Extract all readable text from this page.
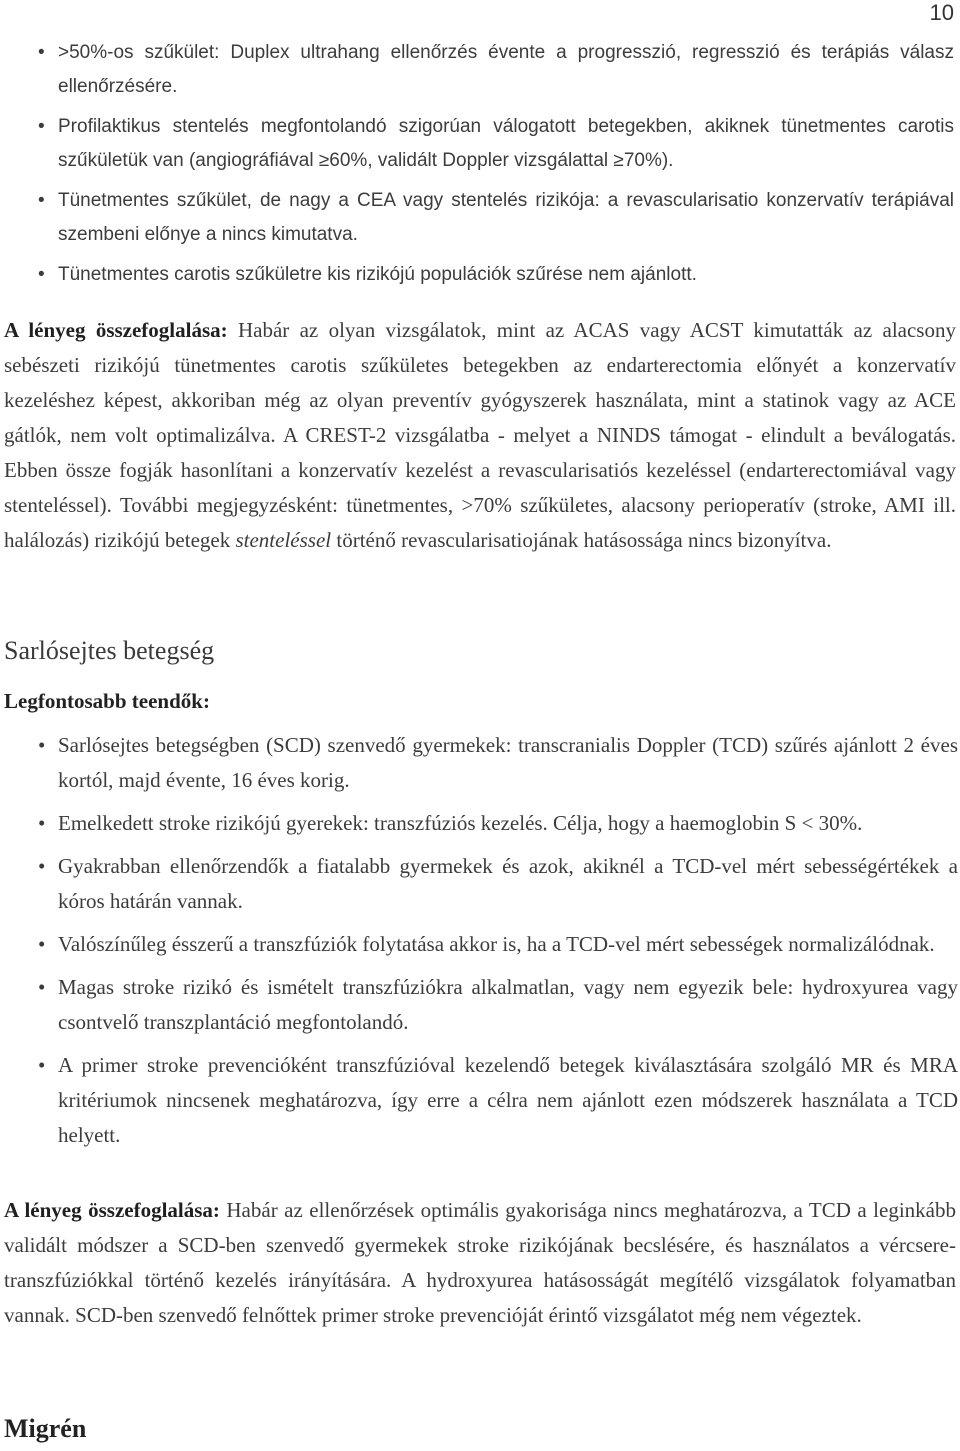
10
• >50%-os szűkület: Duplex ultrahang ellenőrzés évente a progresszió, regresszió és terápiás válasz ellenőrzésére.
• Profilaktikus stentelés megfontolandó szigorúan válogatott betegekben, akiknek tünetmentes carotis szűkületük van (angiográfiával ≥60%, validált Doppler vizsgálattal ≥70%).
• Tünetmentes szűkület, de nagy a CEA vagy stentelés rizikója: a revascularisatio konzervatív terápiával szembeni előnye a nincs kimutatva.
• Tünetmentes carotis szűkületre kis rizikójú populációk szűrése nem ajánlott.

A lényeg összefoglalása: Habár az olyan vizsgálatok, mint az ACAS vagy ACST kimutatták az alacsony sebészeti rizikójú tünetmentes carotis szűkületes betegekben az endarterectomia előnyét a konzervatív kezeléshez képest, akkoriban még az olyan preventív gyógyszerek használata, mint a statinok vagy az ACE gátlók, nem volt optimalizálva. A CREST-2 vizsgálatba - melyet a NINDS támogat - elindult a beválogatás. Ebben össze fogják hasonlítani a konzervatív kezelést a revascularisatiós kezeléssel (endarterectomiával vagy stenteléssel). További megjegyzésként: tünetmentes, >70% szűkületes, alacsony perioperatív (stroke, AMI ill. halálozás) rizikójú betegek stenteléssel történő revascularisatiojának hatásossága nincs bizonyítva.

Sarlósejtes betegség
Legfontosabb teendők:
• Sarlósejtes betegségben (SCD) szenvedő gyermekek: transcranialis Doppler (TCD) szűrés ajánlott 2 éves kortól, majd évente, 16 éves korig.
• Emelkedett stroke rizikójú gyerekek: transzfúziós kezelés. Célja, hogy a haemoglobin S < 30%.
• Gyakrabban ellenőrzendők a fiatalabb gyermekek és azok, akiknél a TCD-vel mért sebességértékek a kóros határán vannak.
• Valószínűleg ésszerű a transzfúziók folytatása akkor is, ha a TCD-vel mért sebességek normalizálódnak.
• Magas stroke rizikó és ismételt transzfúziókra alkalmatlan, vagy nem egyezik bele: hydroxyurea vagy csontvelő transzplantáció megfontolandó.
• A primer stroke prevencióként transzfúzióval kezelendő betegek kiválasztására szolgáló MR és MRA kritériumok nincsenek meghatározva, így erre a célra nem ajánlott ezen módszerek használata a TCD helyett.

A lényeg összefoglalása: Habár az ellenőrzések optimális gyakorisága nincs meghatározva, a TCD a leginkább validált módszer a SCD-ben szenvedő gyermekek stroke rizikójának becslésére, és használatos a vércsere-transzfúziókkal történő kezelés irányítására. A hydroxyurea hatásosságát megítélő vizsgálatok folyamatban vannak. SCD-ben szenvedő felnőttek primer stroke prevencióját érintő vizsgálatot még nem végeztek.

Migrén
